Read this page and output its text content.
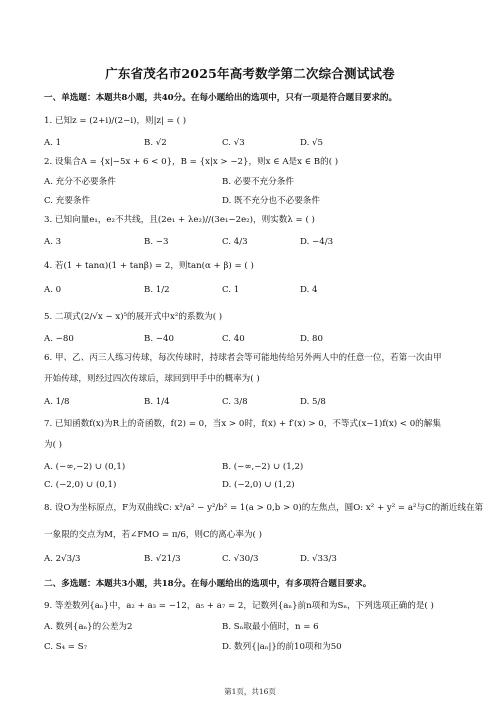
广东省茂名市2025年高考数学第二次综合测试试卷
一、单选题：本题共8小题，共40分。在每小题给出的选项中，只有一项是符合题目要求的。
1. 已知z = (2+i)/(2−i)，则|z| = ( )
A. 1	B. √2	C. √3	D. √5
2. 设集合A = {x|−5x + 6 < 0}，B = {x|x > −2}，则x ∈ A是x ∈ B的( )
A. 充分不必要条件	B. 必要不充分条件
C. 充要条件	D. 既不充分也不必要条件
3. 已知向量e₁，e₂不共线，且(2e₁ + λe₂)//(3e₁−2e₂)，则实数λ = ( )
A. 3	B. −3	C. 4/3	D. −4/3
4. 若(1 + tanα)(1 + tanβ) = 2，则tan(α + β) = ( )
A. 0	B. 1/2	C. 1	D. 4
5. 二项式(2/√x − x)⁵的展开式中x²的系数为( )
A. −80	B. −40	C. 40	D. 80
6. 甲、乙、丙三人练习传球，每次传球时，持球者会等可能地传给另外两人中的任意一位，若第一次由甲
开始传球，则经过四次传球后，球回到甲手中的概率为( )
A. 1/8	B. 1/4	C. 3/8	D. 5/8
7. 已知函数f(x)为R上的奇函数，f(2) = 0，当x > 0时，f(x) + f′(x) > 0，不等式(x−1)f(x) < 0的解集
为( )
A. (−∞,−2) ∪ (0,1)	B. (−∞,−2) ∪ (1,2)
C. (−2,0) ∪ (0,1)	D. (−2,0) ∪ (1,2)
8. 设O为坐标原点，F为双曲线C: x²/a² − y²/b² = 1(a > 0,b > 0)的左焦点，圆O: x² + y² = a²与C的渐近线在第
一象限的交点为M，若∠FMO = π/6，则C的离心率为( )
A. 2√3/3	B. √21/3	C. √30/3	D. √33/3
二、多选题：本题共3小题，共18分。在每小题给出的选项中，有多项符合题目要求。
9. 等差数列{aₙ}中，a₂ + a₃ = −12，a₅ + a₇ = 2，记数列{aₙ}前n项和为Sₙ，下列选项正确的是( )
A. 数列{aₙ}的公差为2	B. Sₙ取最小值时，n = 6
C. S₄ = S₇	D. 数列{|aₙ|}的前10项和为50
第1页，共16页
